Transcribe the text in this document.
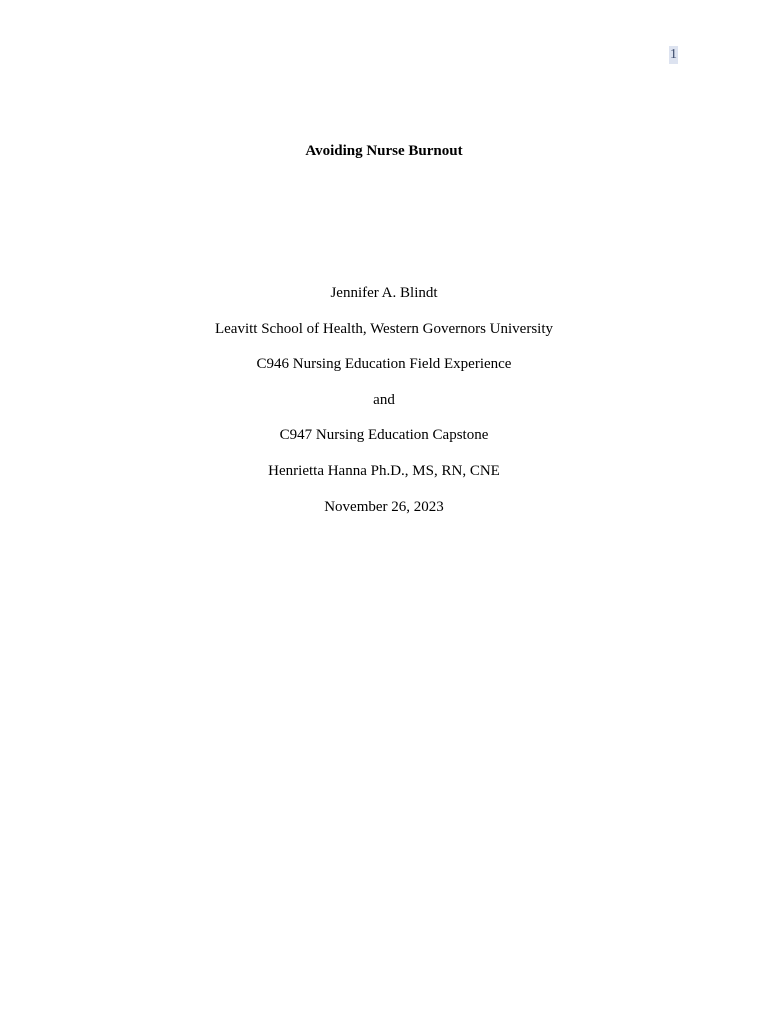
1
Avoiding Nurse Burnout
Jennifer A. Blindt
Leavitt School of Health, Western Governors University
C946 Nursing Education Field Experience
and
C947 Nursing Education Capstone
Henrietta Hanna Ph.D., MS, RN, CNE
November 26, 2023
